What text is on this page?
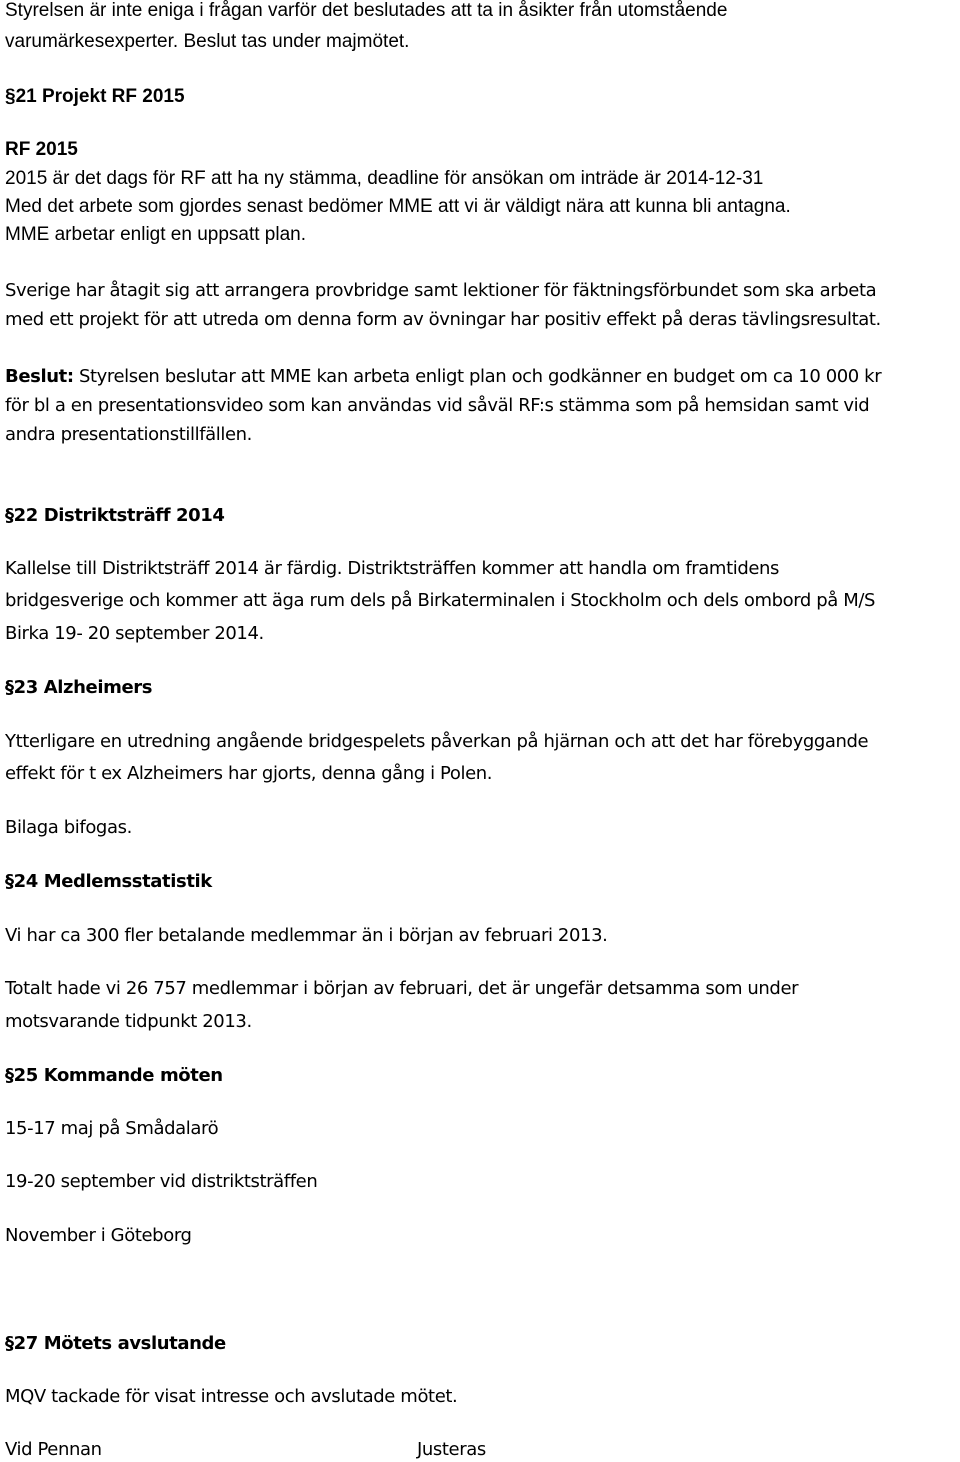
Styrelsen är inte eniga i frågan varför det beslutades att ta in åsikter från utomstående
varumärkesexperter. Beslut tas under majmötet.
§21 Projekt RF 2015
RF 2015
2015 är det dags för RF att ha ny stämma, deadline för ansökan om inträde är 2014-12-31
Med det arbete som gjordes senast bedömer MME att vi är väldigt nära att kunna bli antagna.
MME arbetar enligt en uppsatt plan.
Sverige har åtagit sig att arrangera provbridge samt lektioner för fäktningsförbundet som ska arbeta
med ett projekt för att utreda om denna form av övningar har positiv effekt på deras tävlingsresultat.
Beslut: Styrelsen beslutar att MME kan arbeta enligt plan och godkänner en budget om ca 10 000 kr
för bl a en presentationsvideo som kan användas vid såväl RF:s stämma som på hemsidan samt vid
andra presentationstillfällen.
§22 Distriktsträff 2014
Kallelse till Distriktsträff 2014 är färdig. Distriktsträffen kommer att handla om framtidens
bridgesverige och kommer att äga rum dels på Birkaterminalen i Stockholm och dels ombord på M/S
Birka 19- 20 september 2014.
§23 Alzheimers
Ytterligare en utredning angående bridgespelets påverkan på hjärnan och att det har förebyggande
effekt för t ex Alzheimers har gjorts, denna gång i Polen.
Bilaga bifogas.
§24 Medlemsstatistik
Vi har ca 300 fler betalande medlemmar än i början av februari 2013.
Totalt hade vi 26 757 medlemmar i början av februari, det är ungefär detsamma som under
motsvarande tidpunkt 2013.
§25 Kommande möten
15-17 maj på Smådalarö
19-20 september vid distriktsträffen
November i Göteborg
§27 Mötets avslutande
MQV tackade för visat intresse och avslutade mötet.
Vid Pennan	Justeras
